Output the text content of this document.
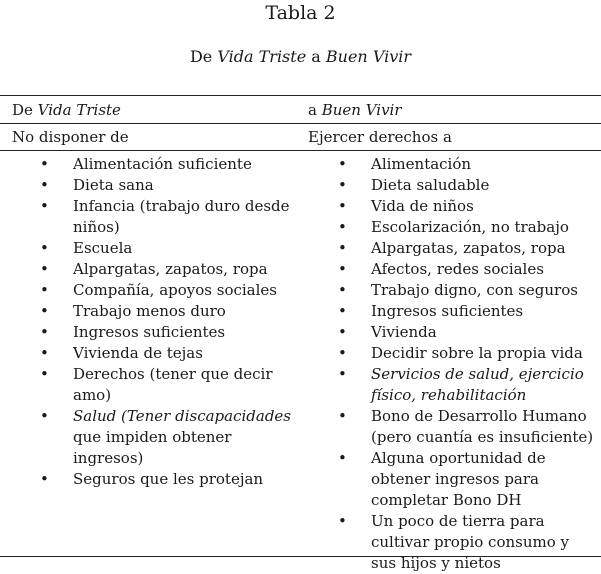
Tabla 2
De Vida Triste a Buen Vivir
De Vida Triste	a Buen Vivir
No disponer de	Ejercer derechos a
• Alimentación suficiente
• Dieta sana
• Infancia (trabajo duro desde niños)
• Escuela
• Alpargatas, zapatos, ropa
• Compañía, apoyos sociales
• Trabajo menos duro
• Ingresos suficientes
• Vivienda de tejas
• Derechos (tener que decir amo)
• Salud (Tener discapacidades que impiden obtener ingresos)
• Seguros que les protejan
• Alimentación
• Dieta saludable
• Vida de niños
• Escolarización, no trabajo
• Alpargatas, zapatos, ropa
• Afectos, redes sociales
• Trabajo digno, con seguros
• Ingresos suficientes
• Vivienda
• Decidir sobre la propia vida
• Servicios de salud, ejercicio físico, rehabilitación
• Bono de Desarrollo Humano (pero cuantía es insuficiente)
• Alguna oportunidad de obtener ingresos para completar Bono DH
• Un poco de tierra para cultivar propio consumo y sus hijos y nietos
